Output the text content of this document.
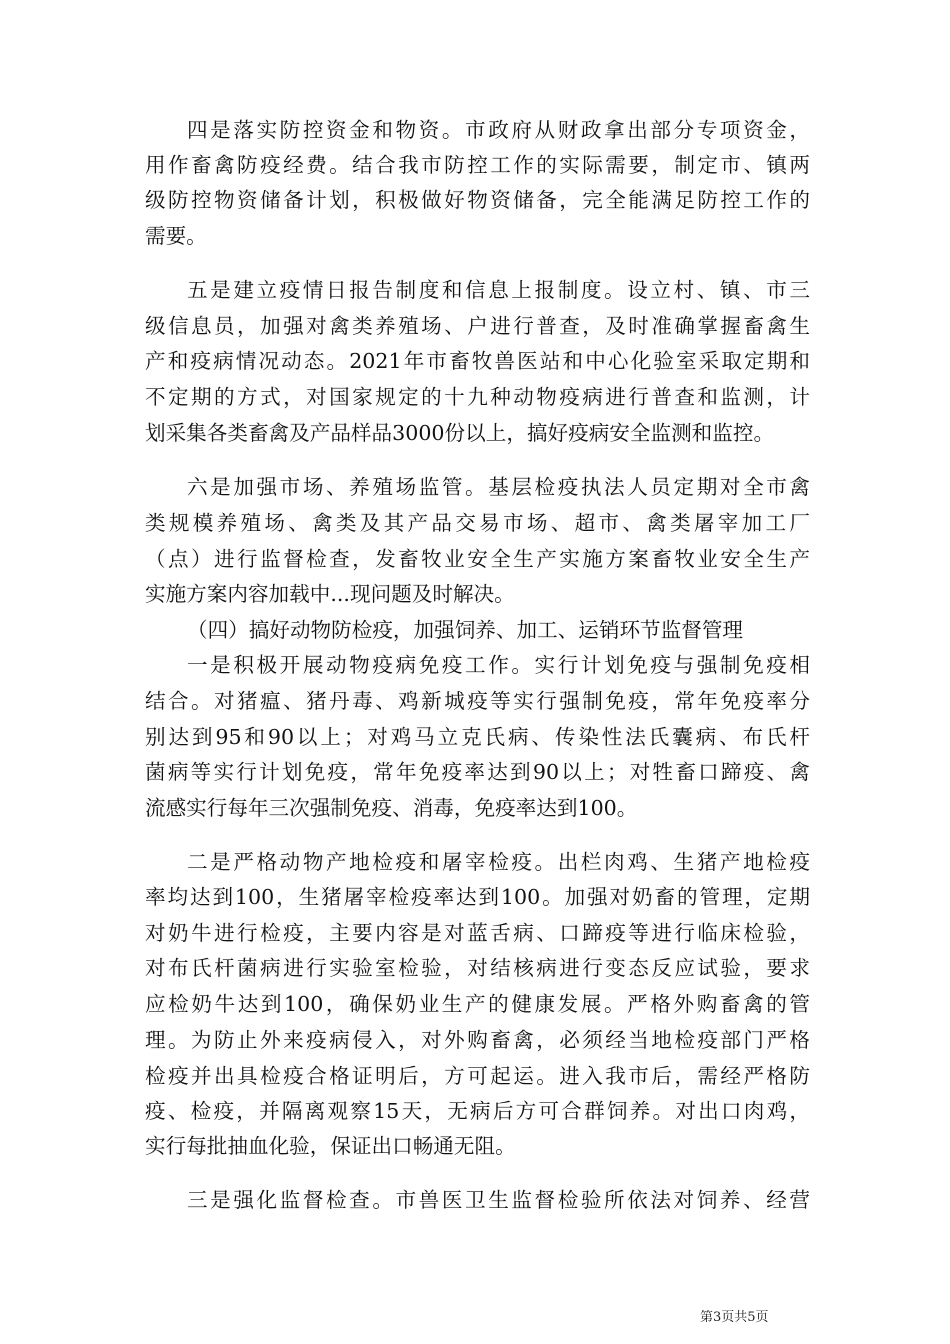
四是落实防控资金和物资。市政府从财政拿出部分专项资金，
用作畜禽防疫经费。结合我市防控工作的实际需要，制定市、镇两
级防控物资储备计划，积极做好物资储备，完全能满足防控工作的
需要。
五是建立疫情日报告制度和信息上报制度。设立村、镇、市三
级信息员，加强对禽类养殖场、户进行普查，及时准确掌握畜禽生
产和疫病情况动态。2021年市畜牧兽医站和中心化验室采取定期和
不定期的方式，对国家规定的十九种动物疫病进行普查和监测，计
划采集各类畜禽及产品样品3000份以上，搞好疫病安全监测和监控。
六是加强市场、养殖场监管。基层检疫执法人员定期对全市禽
类规模养殖场、禽类及其产品交易市场、超市、禽类屠宰加工厂
（点）进行监督检查，发畜牧业安全生产实施方案畜牧业安全生产
实施方案内容加载中...现问题及时解决。
（四）搞好动物防检疫，加强饲养、加工、运销环节监督管理
一是积极开展动物疫病免疫工作。实行计划免疫与强制免疫相
结合。对猪瘟、猪丹毒、鸡新城疫等实行强制免疫，常年免疫率分
别达到95和90以上；对鸡马立克氏病、传染性法氏囊病、布氏杆
菌病等实行计划免疫，常年免疫率达到90以上；对牲畜口蹄疫、禽
流感实行每年三次强制免疫、消毒，免疫率达到100。
二是严格动物产地检疫和屠宰检疫。出栏肉鸡、生猪产地检疫
率均达到100，生猪屠宰检疫率达到100。加强对奶畜的管理，定期
对奶牛进行检疫，主要内容是对蓝舌病、口蹄疫等进行临床检验，
对布氏杆菌病进行实验室检验，对结核病进行变态反应试验，要求
应检奶牛达到100，确保奶业生产的健康发展。严格外购畜禽的管
理。为防止外来疫病侵入，对外购畜禽，必须经当地检疫部门严格
检疫并出具检疫合格证明后，方可起运。进入我市后，需经严格防
疫、检疫，并隔离观察15天，无病后方可合群饲养。对出口肉鸡，
实行每批抽血化验，保证出口畅通无阻。
三是强化监督检查。市兽医卫生监督检验所依法对饲养、经营
第3页共5页
